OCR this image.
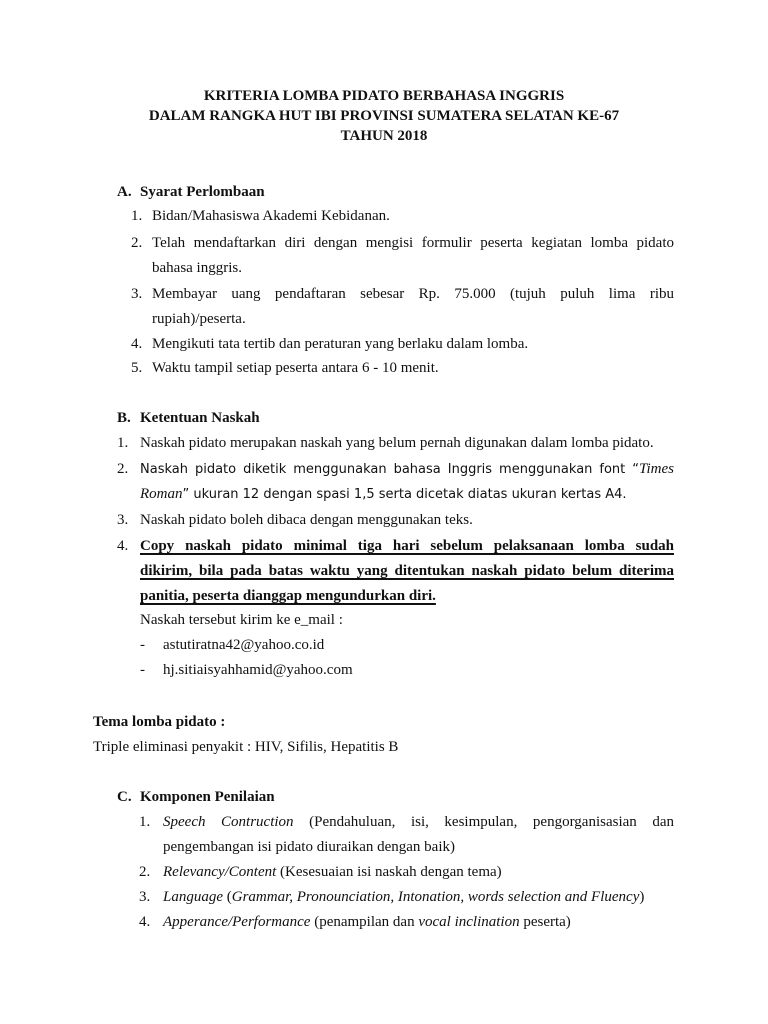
KRITERIA LOMBA PIDATO BERBAHASA INGGRIS
DALAM RANGKA HUT IBI PROVINSI SUMATERA SELATAN KE-67
TAHUN 2018
A. Syarat Perlombaan
1. Bidan/Mahasiswa Akademi Kebidanan.
2. Telah mendaftarkan diri dengan mengisi formulir peserta kegiatan lomba pidato
bahasa inggris.
3. Membayar uang pendaftaran sebesar Rp. 75.000 (tujuh puluh lima ribu
rupiah)/peserta.
4. Mengikuti tata tertib dan peraturan yang berlaku dalam lomba.
5. Waktu tampil setiap peserta antara 6 - 10 menit.
B. Ketentuan Naskah
1. Naskah pidato merupakan naskah yang belum pernah digunakan dalam lomba pidato.
2. Naskah pidato diketik menggunakan bahasa Inggris menggunakan font “Times
Roman” ukuran 12 dengan spasi 1,5 serta dicetak diatas ukuran kertas A4.
3. Naskah pidato boleh dibaca dengan menggunakan teks.
4. Copy naskah pidato minimal tiga hari sebelum pelaksanaan lomba sudah
dikirim, bila pada batas waktu yang ditentukan naskah pidato belum diterima
panitia, peserta dianggap mengundurkan diri.
Naskah tersebut kirim ke e_mail :
- astutiratna42@yahoo.co.id
- hj.sitiaisyahhamid@yahoo.com
Tema lomba pidato :
Triple eliminasi penyakit : HIV, Sifilis, Hepatitis B
C. Komponen Penilaian
1. Speech Contruction (Pendahuluan, isi, kesimpulan, pengorganisasian dan
pengembangan isi pidato diuraikan dengan baik)
2. Relevancy/Content (Kesesuaian isi naskah dengan tema)
3. Language (Grammar, Pronounciation, Intonation, words selection and Fluency)
4. Apperance/Performance (penampilan dan vocal inclination peserta)
